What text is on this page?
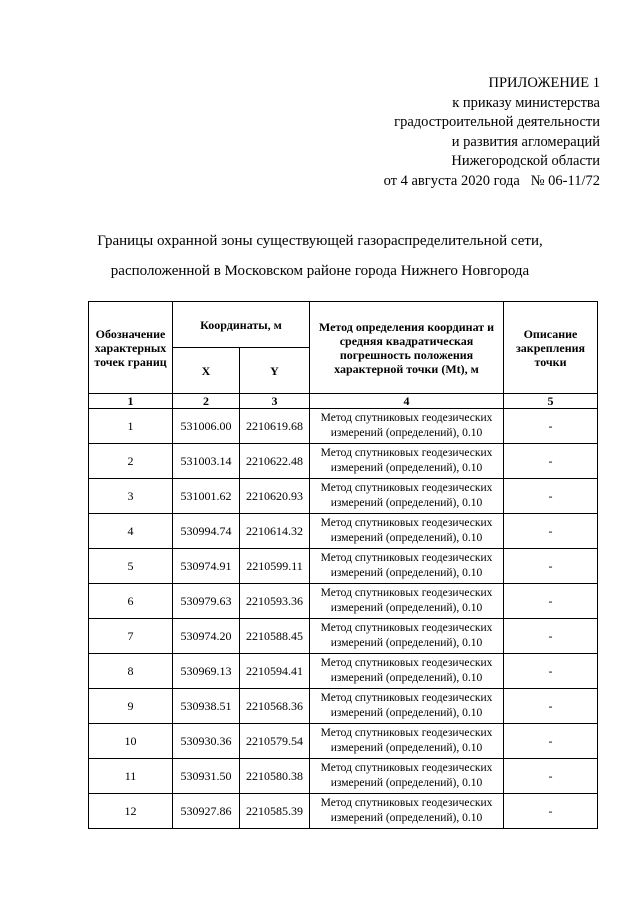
ПРИЛОЖЕНИЕ 1
к приказу министерства
градостроительной деятельности
и развития агломераций
Нижегородской области
от 4 августа 2020 года   № 06-11/72
Границы охранной зоны существующей газораспределительной сети,
расположенной в Московском районе города Нижнего Новгорода
Обозначение характерных точек границ	Координаты, м		Метод определения координат и средняя квадратическая погрешность положения характерной точки (Mt), м	Описание закрепления точки
	X	Y		
1	2	3	4	5
1	531006.00	2210619.68	Метод спутниковых геодезических измерений (определений), 0.10	-
2	531003.14	2210622.48	Метод спутниковых геодезических измерений (определений), 0.10	-
3	531001.62	2210620.93	Метод спутниковых геодезических измерений (определений), 0.10	-
4	530994.74	2210614.32	Метод спутниковых геодезических измерений (определений), 0.10	-
5	530974.91	2210599.11	Метод спутниковых геодезических измерений (определений), 0.10	-
6	530979.63	2210593.36	Метод спутниковых геодезических измерений (определений), 0.10	-
7	530974.20	2210588.45	Метод спутниковых геодезических измерений (определений), 0.10	-
8	530969.13	2210594.41	Метод спутниковых геодезических измерений (определений), 0.10	-
9	530938.51	2210568.36	Метод спутниковых геодезических измерений (определений), 0.10	-
10	530930.36	2210579.54	Метод спутниковых геодезических измерений (определений), 0.10	-
11	530931.50	2210580.38	Метод спутниковых геодезических измерений (определений), 0.10	-
12	530927.86	2210585.39	Метод спутниковых геодезических измерений (определений), 0.10	-
